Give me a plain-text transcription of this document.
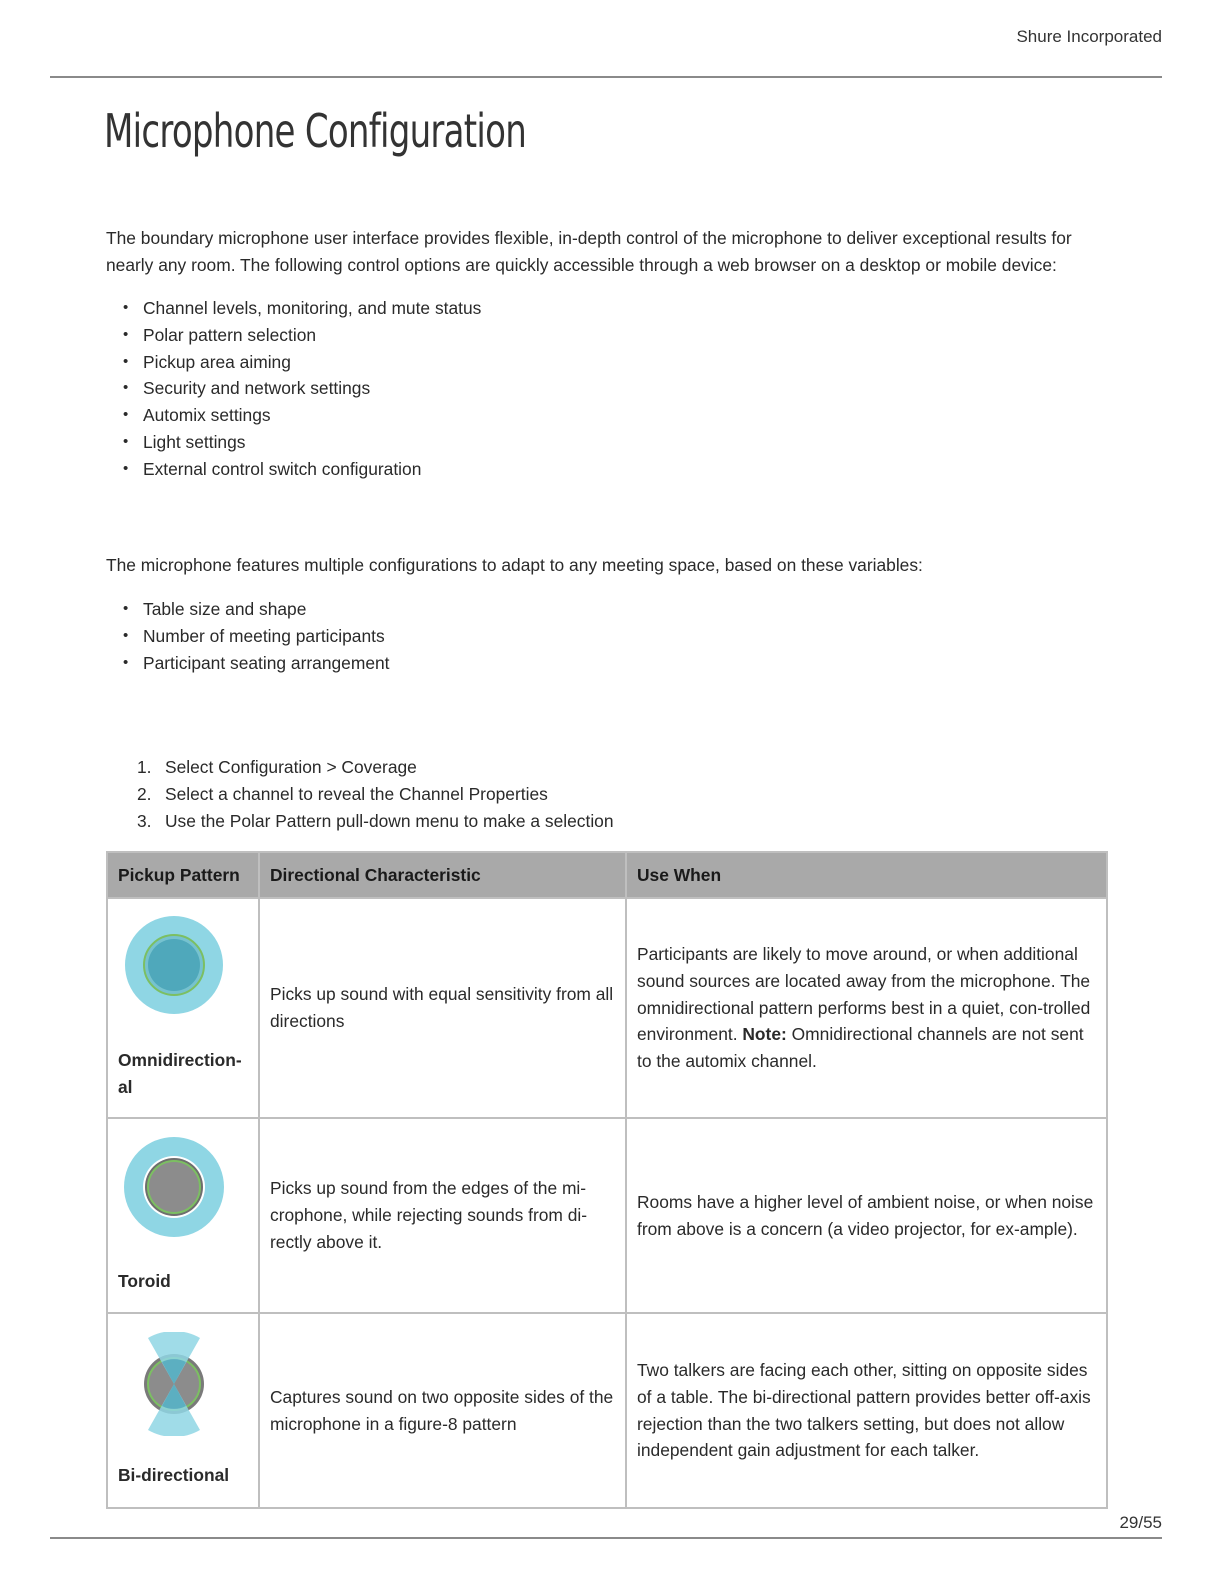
Shure Incorporated
Microphone Configuration

The boundary microphone user interface provides flexible, in-depth control of the microphone to deliver exceptional results for nearly any room. The following control options are quickly accessible through a web browser on a desktop or mobile device:

• Channel levels, monitoring, and mute status
• Polar pattern selection
• Pickup area aiming
• Security and network settings
• Automix settings
• Light settings
• External control switch configuration

The microphone features multiple configurations to adapt to any meeting space, based on these variables:

• Table size and shape
• Number of meeting participants
• Participant seating arrangement
1. Select Configuration > Coverage
2. Select a channel to reveal the Channel Properties
3. Use the Polar Pattern pull-down menu to make a selection
Pickup Pattern	Directional Characteristic	Use When

Omnidirection-al	Picks up sound with equal sensitivity from all directions	Participants are likely to move around, or when additional sound sources are located away from the microphone. The omnidirectional pattern performs best in a quiet, con-trolled environment. Note: Omnidirectional channels are not sent to the automix channel.

Toroid	Picks up sound from the edges of the mi-crophone, while rejecting sounds from di-rectly above it.	Rooms have a higher level of ambient noise, or when noise from above is a concern (a video projector, for ex-ample).

Bi-directional	Captures sound on two opposite sides of the microphone in a figure-8 pattern	Two talkers are facing each other, sitting on opposite sides of a table. The bi-directional pattern provides better off-axis rejection than the two talkers setting, but does not allow independent gain adjustment for each talker.
29/55
